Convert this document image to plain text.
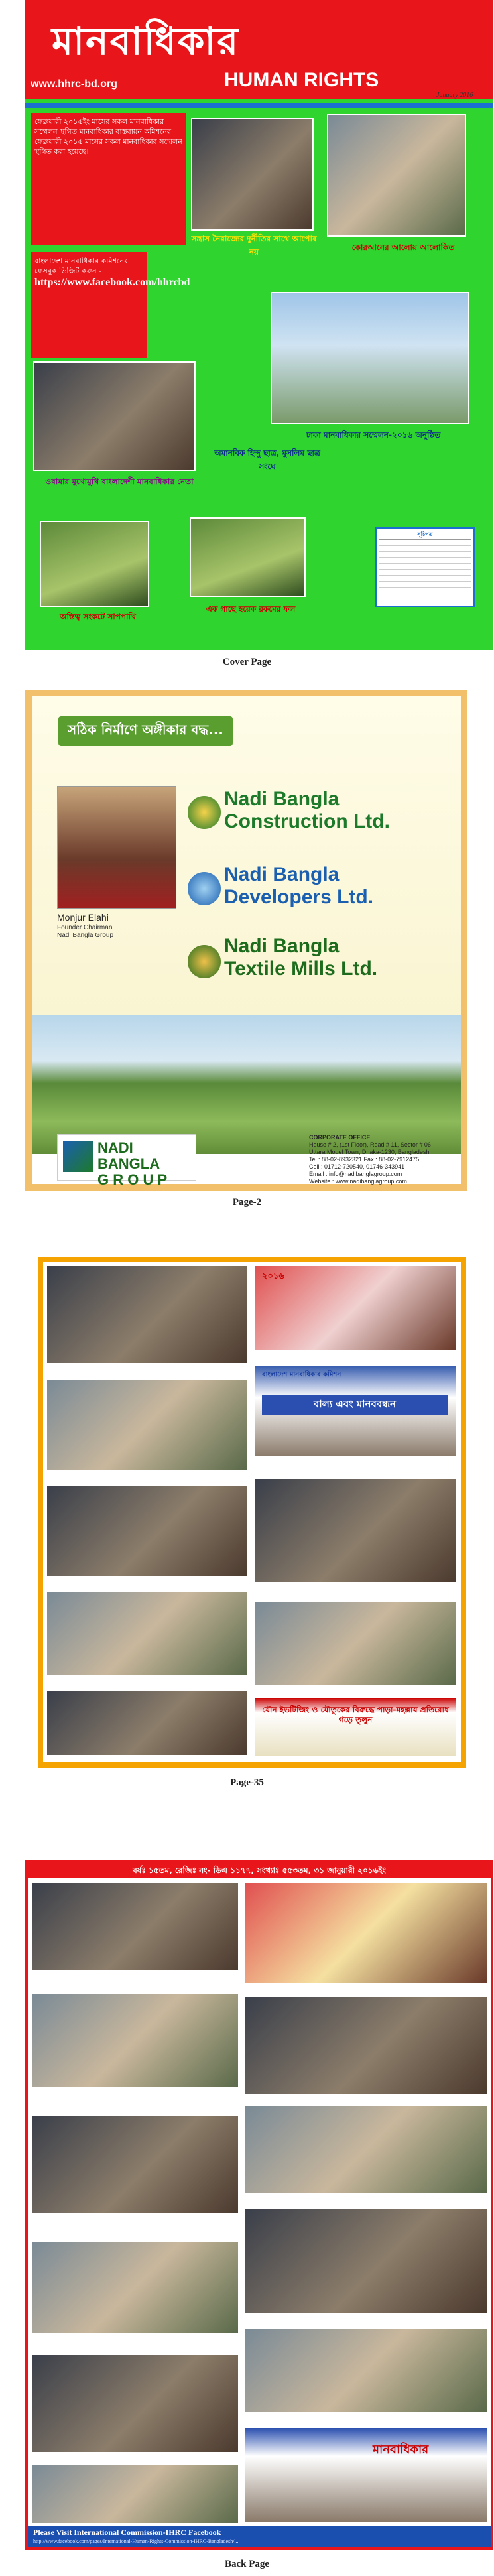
মানবাধিকার
HUMAN RIGHTS
www.hhrc-bd.org
January 2016
ফেব্রুয়ারী ২০১৫ইং মাসের সকল মানবাধিকার সম্মেলন স্থগিত মানবাধিকার বাস্তবায়ন কমিশনের ফেব্রুয়ারী ২০১৫ মাসের সকল মানবাধিকার সম্মেলন স্থগিত করা হয়েছে।
সন্ত্রাস নৈরাজ্যের দুর্নীতির সাথে আপোষ নয়	কোরআনের আলোয় আলোকিত
বাংলাদেশ মানবাধিকার কমিশনের ফেসবুক ভিজিট করুন -
https://www.facebook.com/hhrcbd
ঢাকা মানবাধিকার সম্মেলন-২০১৬ অনুষ্ঠিত
ওবামার মুখোমুখি বাংলাদেশী মানবাধিকার নেতা
অমানবিক হিন্দু ছাত্র, মুসলিম ছাত্র সংঘে
অস্তিত্ব সংকটে সাপপাখি
এক গাছে হরেক রকমের ফল
সূচিপত্র
Cover Page
সঠিক নির্মাণে অঙ্গীকার বদ্ধ...
Monjur Elahi
Founder Chairman
Nadi Bangla Group
Nadi Bangla
Construction Ltd.
Nadi Bangla
Developers Ltd.
Nadi Bangla
Textile Mills Ltd.
NADI BANGLA
G R O U P
CORPORATE OFFICE
House # 2, (1st Floor), Road # 11, Sector # 06
Uttara Model Town, Dhaka-1230, Bangladesh
Tel : 88-02-8932321 Fax : 88-02-7912475
Cell : 01712-720540, 01746-343941
Email : info@nadibanglagroup.com
Website : www.nadibanglagroup.com
Page-2
২০১৬
বাল্য এবং মানববন্ধন
বাংলাদেশ মানবাধিকার কমিশন
যৌন ইভটিজিং ও যৌতুকের বিরুদ্ধে পাড়া-মহল্লায় প্রতিরোধ গড়ে তুলুন
Page-35
বর্ষঃ ১৫তম, রেজিঃ নং- ডিএ ১১৭৭, সংখ্যাঃ ৫৫৩তম, ৩১ জানুয়ারী ২০১৬ইং
মানবাধিকার
Please Visit International Commission-IHRC Facebook
http://www.facebook.com/pages/International-Human-Rights-Commission-IHRC-Bangladesh/...
Back Page
